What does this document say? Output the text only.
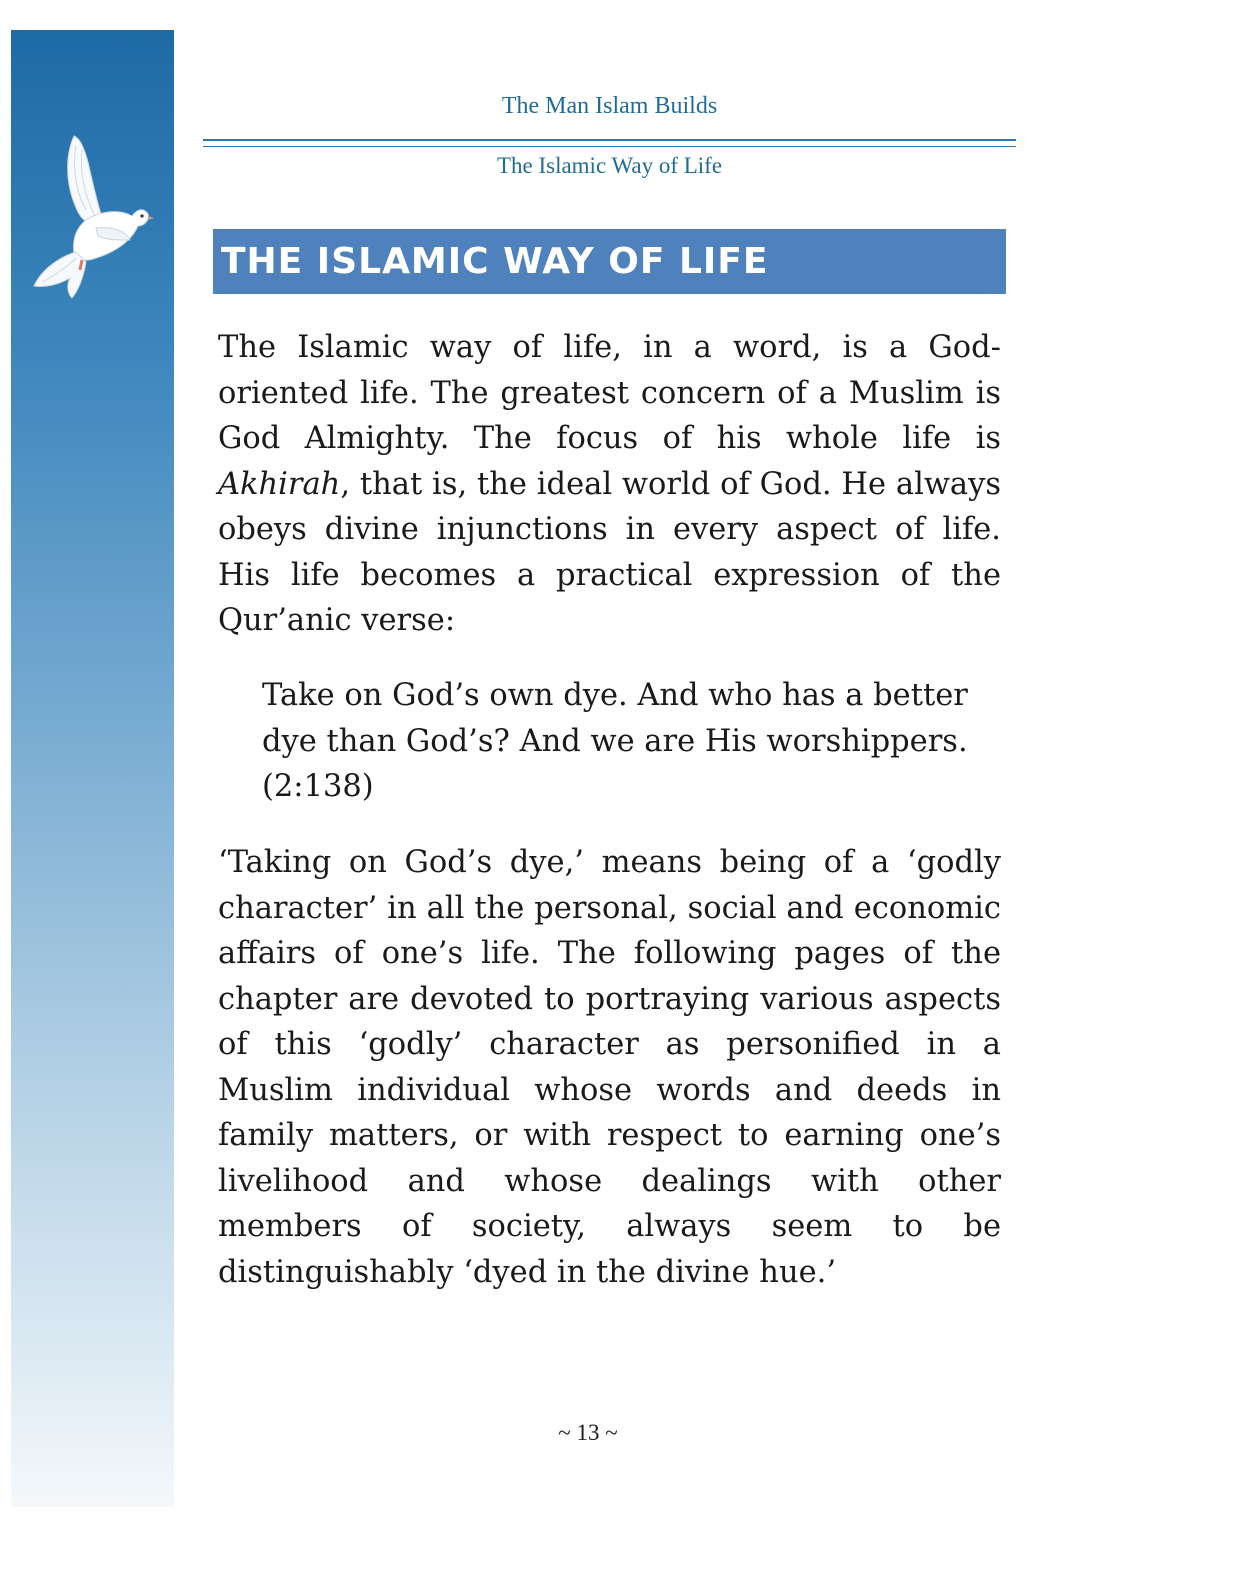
The Man Islam Builds
The Islamic Way of Life
THE ISLAMIC WAY OF LIFE

The Islamic way of life, in a word, is a God-oriented life. The greatest concern of a Muslim is God Almighty. The focus of his whole life is Akhirah, that is, the ideal world of God. He always obeys divine injunctions in every aspect of life. His life becomes a practical expression of the Qur’anic verse:

Take on God’s own dye. And who has a better dye than God’s? And we are His worshippers.
(2:138)

‘Taking on God’s dye,’ means being of a ‘godly character’ in all the personal, social and economic affairs of one’s life. The following pages of the chapter are devoted to portraying various aspects of this ‘godly’ character as personified in a Muslim individual whose words and deeds in family matters, or with respect to earning one’s livelihood and whose dealings with other members of society, always seem to be distinguishably ‘dyed in the divine hue.’

~ 13 ~
